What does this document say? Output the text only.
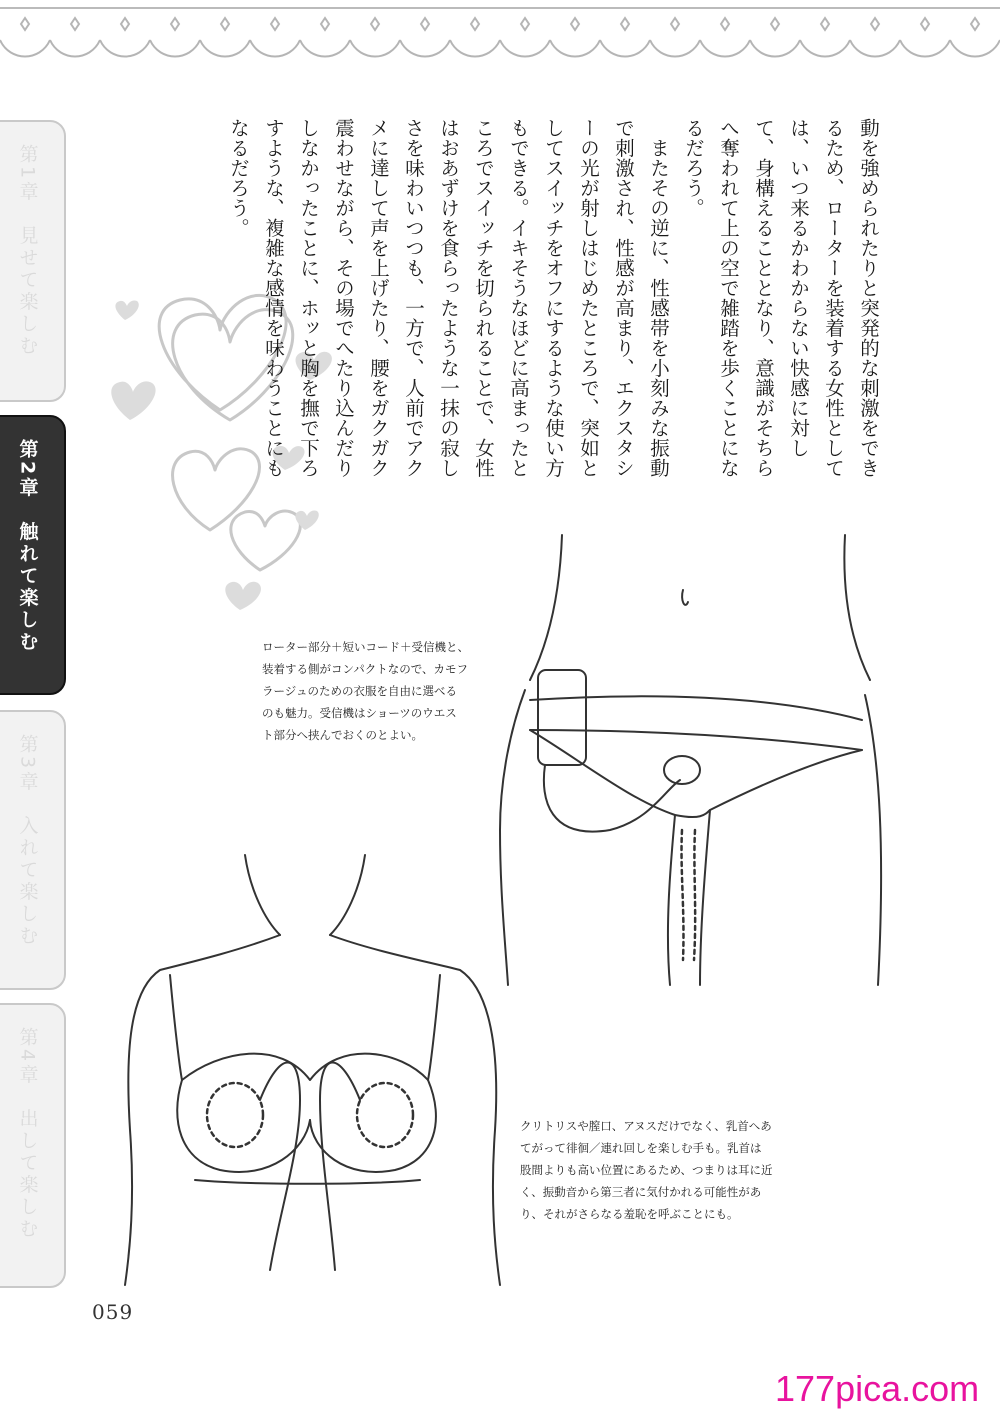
第1章　見せて楽しむ
第2章　触れて楽しむ
第3章　入れて楽しむ
第4章　出して楽しむ

動を強められたりと突発的な刺激をできるため、ローターを装着する女性としては、いつ来るかわからない快感に対して、身構えることとなり、意識がそちらへ奪われて上の空で雑踏を歩くことになるだろう。

またその逆に、性感帯を小刻みな振動で刺激され、性感が高まり、エクスタシーの光が射しはじめたところで、突如としてスイッチをオフにするような使い方もできる。イキそうなほどに高まったところでスイッチを切られることで、女性はおあずけを食らったような一抹の寂しさを味わいつつも、一方で、人前でアクメに達して声を上げたり、腰をガクガク震わせながら、その場でへたり込んだりしなかったことに、ホッと胸を撫で下ろすような、複雑な感情を味わうことにもなるだろう。

ローター部分＋短いコード＋受信機と、
装着する側がコンパクトなので、カモフ
ラージュのための衣服を自由に選べる
のも魅力。受信機はショーツのウエス
ト部分へ挟んでおくのとよい。
クリトリスや膣口、アヌスだけでなく、乳首へあ
てがって徘徊／連れ回しを楽しむ手も。乳首は
股間よりも高い位置にあるため、つまりは耳に近
く、振動音から第三者に気付かれる可能性があ
り、それがさらなる羞恥を呼ぶことにも。
059
177pica.com
